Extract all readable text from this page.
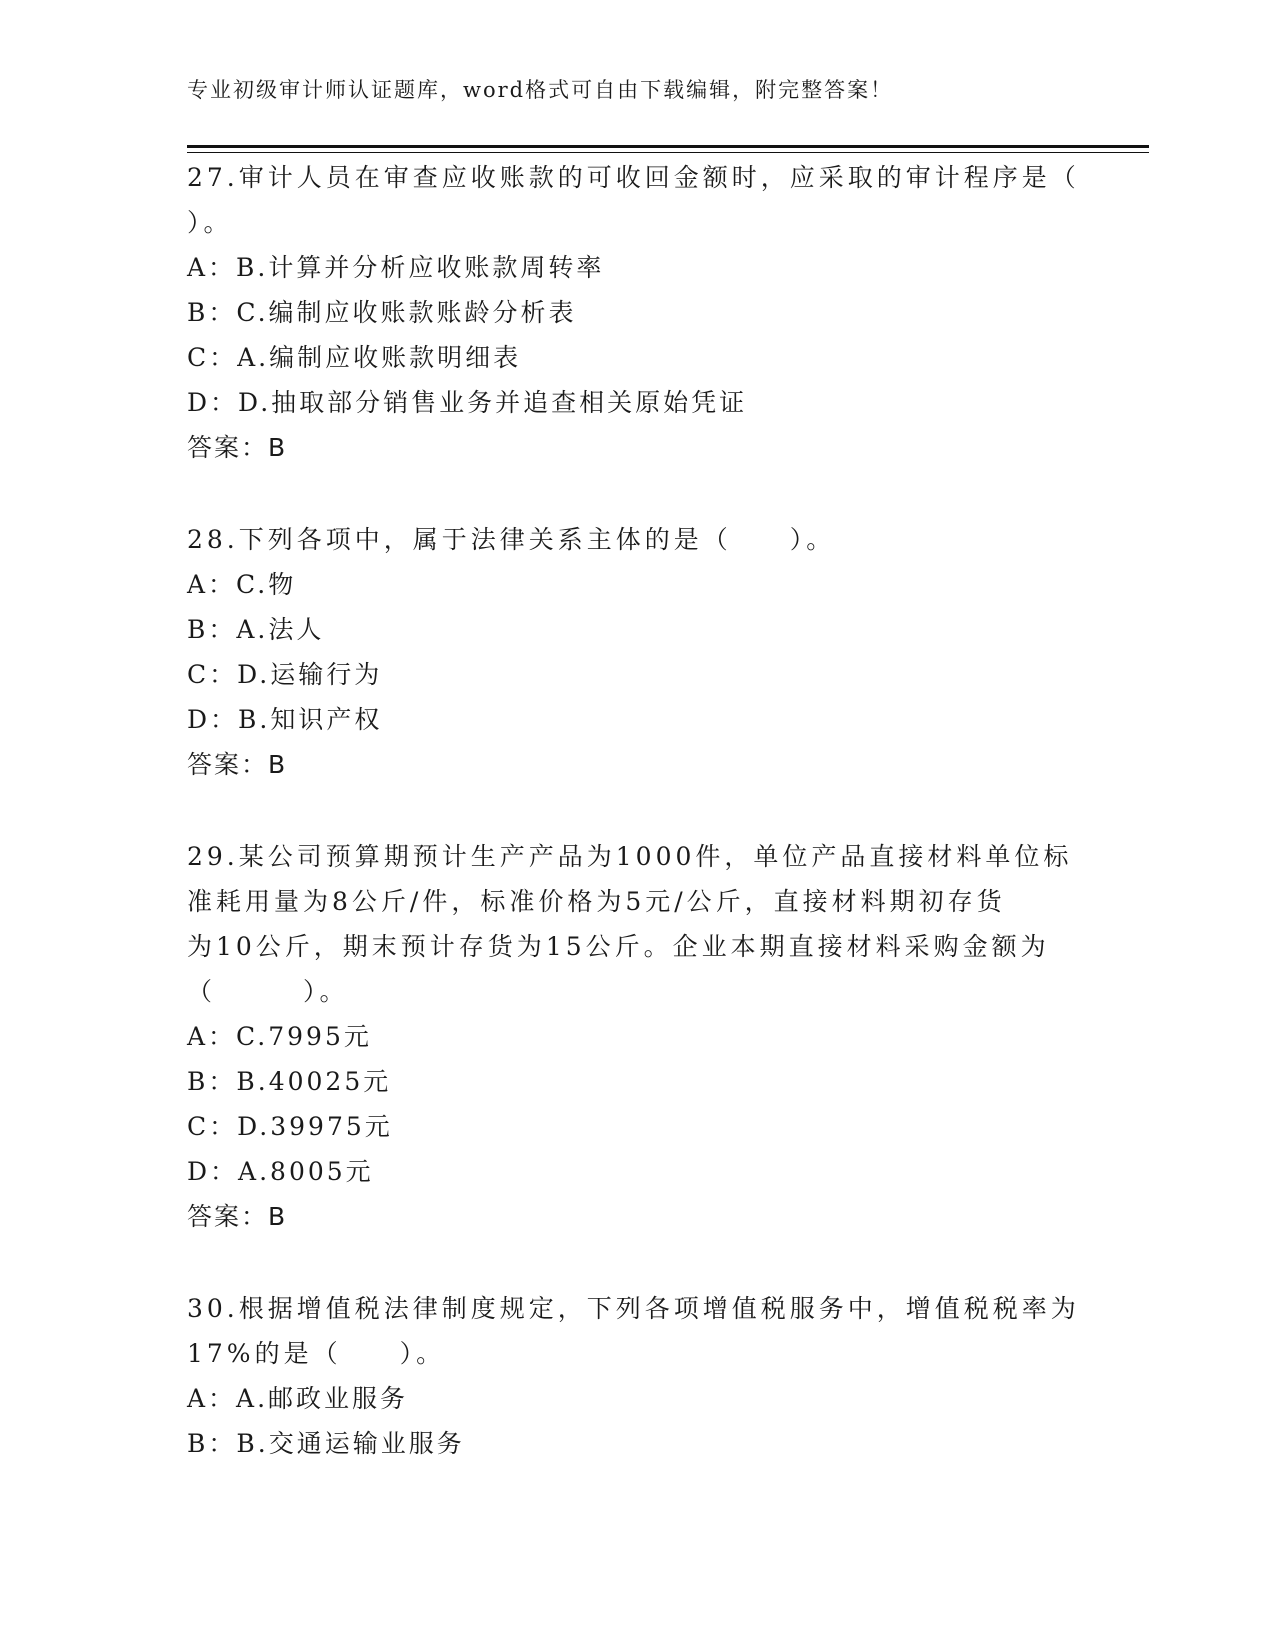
专业初级审计师认证题库，word格式可自由下载编辑，附完整答案！
27.审计人员在审查应收账款的可收回金额时，应采取的审计程序是（
）。
A：B.计算并分析应收账款周转率
B：C.编制应收账款账龄分析表
C：A.编制应收账款明细表
D：D.抽取部分销售业务并追查相关原始凭证
答案：B
28.下列各项中，属于法律关系主体的是（　　）。
A：C.物
B：A.法人
C：D.运输行为
D：B.知识产权
答案：B
29.某公司预算期预计生产产品为1000件，单位产品直接材料单位标
准耗用量为8公斤/件，标准价格为5元/公斤，直接材料期初存货
为10公斤，期末预计存货为15公斤。企业本期直接材料采购金额为
（　　　）。
A：C.7995元
B：B.40025元
C：D.39975元
D：A.8005元
答案：B
30.根据增值税法律制度规定，下列各项增值税服务中，增值税税率为
17%的是（　　）。
A：A.邮政业服务
B：B.交通运输业服务
